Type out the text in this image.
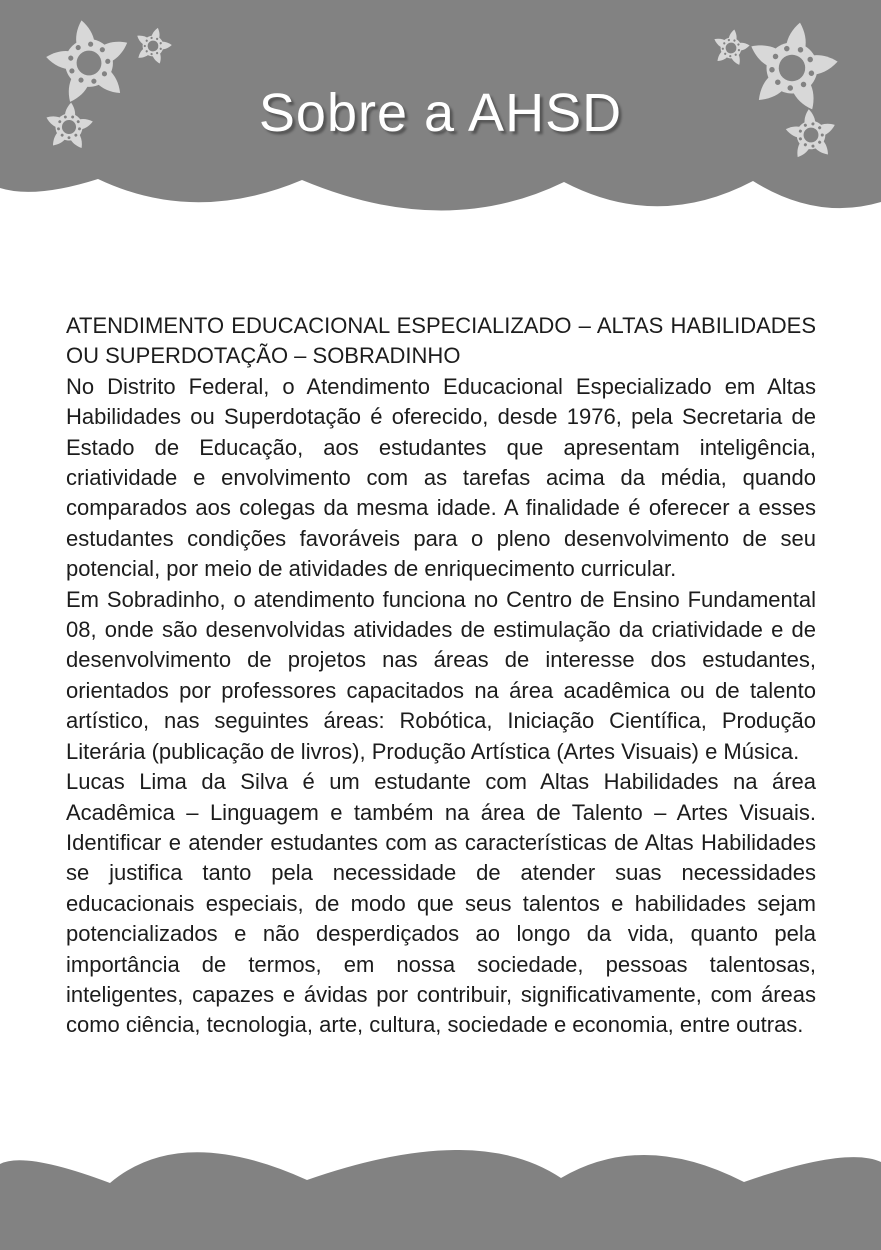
Sobre a AHSD

ATENDIMENTO EDUCACIONAL ESPECIALIZADO – ALTAS HABILIDADES OU SUPERDOTAÇÃO – SOBRADINHO

No Distrito Federal, o Atendimento Educacional Especializado em Altas Habilidades ou Superdotação é oferecido, desde 1976, pela Secretaria de Estado de Educação, aos estudantes que apresentam inteligência, criatividade e envolvimento com as tarefas acima da média, quando comparados aos colegas da mesma idade. A finalidade é oferecer a esses estudantes condições favoráveis para o pleno desenvolvimento de seu potencial, por meio de atividades de enriquecimento curricular.

Em Sobradinho, o atendimento funciona no Centro de Ensino Fundamental 08, onde são desenvolvidas atividades de estimulação da criatividade e de desenvolvimento de projetos nas áreas de interesse dos estudantes, orientados por professores capacitados na área acadêmica ou de talento artístico, nas seguintes áreas: Robótica, Iniciação Científica, Produção Literária (publicação de livros), Produção Artística (Artes Visuais) e Música.

Lucas Lima da Silva é um estudante com Altas Habilidades na área Acadêmica – Linguagem e também na área de Talento – Artes Visuais. Identificar e atender estudantes com as características de Altas Habilidades se justifica tanto pela necessidade de atender suas necessidades educacionais especiais, de modo que seus talentos e habilidades sejam potencializados e não desperdiçados ao longo da vida, quanto pela importância de termos, em nossa sociedade, pessoas talentosas, inteligentes, capazes e ávidas por contribuir, significativamente, com áreas como ciência, tecnologia, arte, cultura, sociedade e economia, entre outras.
